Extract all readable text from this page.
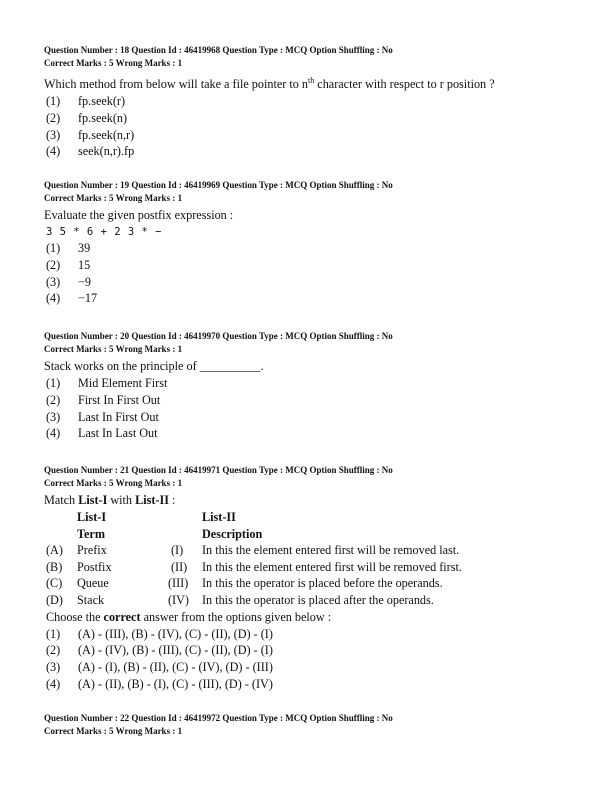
Question Number : 18 Question Id : 46419968 Question Type : MCQ Option Shuffling : No
Correct Marks : 5 Wrong Marks : 1
Which method from below will take a file pointer to $n^{th}$ character with respect to r position ?
(1) fp.seek(r)
(2) fp.seek(n)
(3) fp.seek(n,r)
(4) seek(n,r).fp
Question Number : 19 Question Id : 46419969 Question Type : MCQ Option Shuffling : No
Correct Marks : 5 Wrong Marks : 1
Evaluate the given postfix expression :
3 5 * 6 + 2 3 * −
(1) 39
(2) 15
(3) −9
(4) −17
Question Number : 20 Question Id : 46419970 Question Type : MCQ Option Shuffling : No
Correct Marks : 5 Wrong Marks : 1
Stack works on the principle of __________.
(1) Mid Element First
(2) First In First Out
(3) Last In First Out
(4) Last In Last Out
Question Number : 21 Question Id : 46419971 Question Type : MCQ Option Shuffling : No
Correct Marks : 5 Wrong Marks : 1
Match List-I with List-II :
List-I	List-II
Term	Description
(A) Prefix	(I) In this the element entered first will be removed last.
(B) Postfix	(II) In this the element entered first will be removed first.
(C) Queue	(III) In this the operator is placed before the operands.
(D) Stack	(IV) In this the operator is placed after the operands.
Choose the correct answer from the options given below :
(1) (A) - (III), (B) - (IV), (C) - (II), (D) - (I)
(2) (A) - (IV), (B) - (III), (C) - (II), (D) - (I)
(3) (A) - (I), (B) - (II), (C) - (IV), (D) - (III)
(4) (A) - (II), (B) - (I), (C) - (III), (D) - (IV)
Question Number : 22 Question Id : 46419972 Question Type : MCQ Option Shuffling : No
Correct Marks : 5 Wrong Marks : 1
